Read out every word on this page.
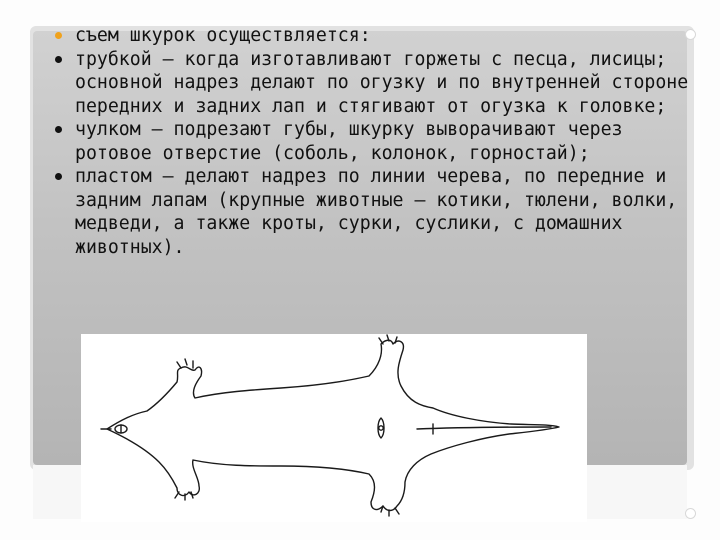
съем шкурок осуществляется:
трубкой — когда изготавливают горжеты с песца, лисицы; основной надрез делают по огузку и по внутренней стороне передних и задних лап и стягивают от огузка к головке;
чулком — подрезают губы, шкурку выворачивают через ротовое отверстие (соболь, колонок, горностай);
пластом — делают надрез по линии черева, по передние и задним лапам (крупные животные — котики, тюлени, волки, медведи, а также кроты, сурки, суслики, с домашних животных).
